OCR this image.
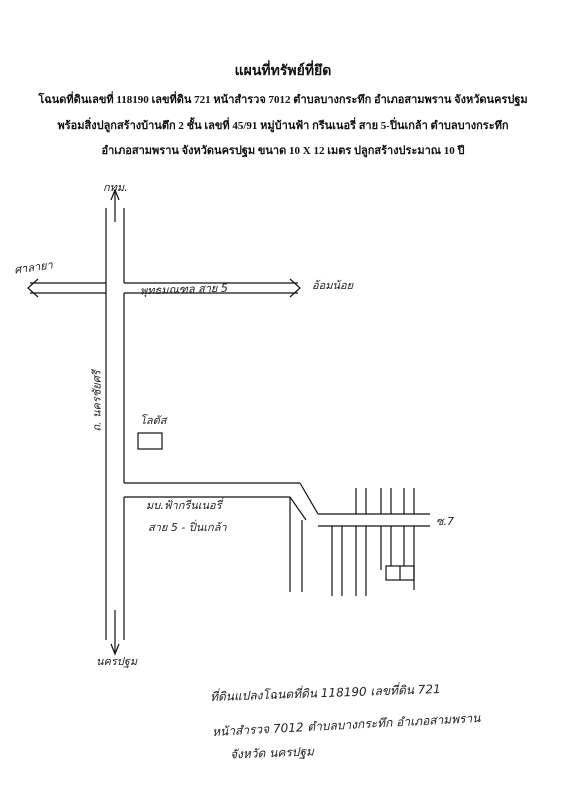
แผนที่ทรัพย์ที่ยึด
โฉนดที่ดินเลขที่ 118190 เลขที่ดิน 721 หน้าสำรวจ 7012 ตำบลบางกระทึก อำเภอสามพราน จังหวัดนครปฐม
พร้อมสิ่งปลูกสร้างบ้านตึก 2 ชั้น เลขที่ 45/91 หมู่บ้านฟ้า กรีนเนอรี่ สาย 5-ปิ่นเกล้า ตำบลบางกระทึก
อำเภอสามพราน จังหวัดนครปฐม ขนาด 10 X 12 เมตร ปลูกสร้างประมาณ 10 ปี
กทม.
ศาลายา
อ้อมน้อย
พุทธมณฑล สาย 5
ถ. นครชัยศรี	โลตัส
มบ.ฟ้ากรีนเนอรี่
สาย 5 - ปิ่นเกล้า	ซ.7
นครปฐม
ที่ดินแปลงโฉนดที่ดิน 118190 เลขที่ดิน 721
หน้าสำรวจ 7012 ตำบลบางกระทึก อำเภอสามพราน
จังหวัด นครปฐม
